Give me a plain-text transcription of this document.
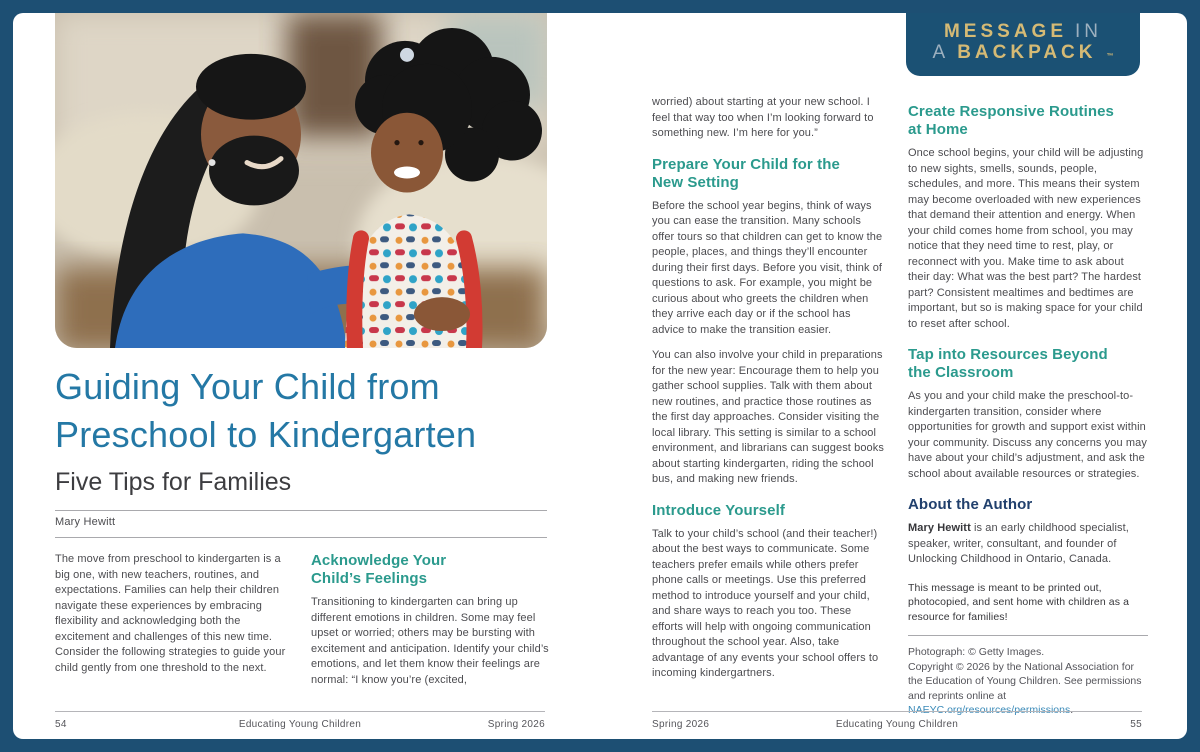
Guiding Your Child from
Preschool to Kindergarten
Five Tips for Families
Mary Hewitt

The move from preschool to kindergarten is a big one, with new teachers, routines, and expectations. Families can help their children navigate these experiences by embracing flexibility and acknowledging both the excitement and challenges of this new time. Consider the following strategies to guide your child gently from one threshold to the next.

Acknowledge Your
Child’s Feelings

Transitioning to kindergarten can bring up different emotions in children. Some may feel upset or worried; others may be bursting with excitement and anticipation. Identify your child’s emotions, and let them know their feelings are normal: “I know you’re (excited,

54	Educating Young Children	Spring 2026
MESSAGE IN
A BACKPACK $_™$

worried) about starting at your new school. I feel that way too when I’m looking forward to something new. I’m here for you.”

Prepare Your Child for the
New Setting

Before the school year begins, think of ways you can ease the transition. Many schools offer tours so that children can get to know the people, places, and things they’ll encounter during their first days. Before you visit, think of questions to ask. For example, you might be curious about who greets the children when they arrive each day or if the school has advice to make the transition easier.

You can also involve your child in preparations for the new year: Encourage them to help you gather school supplies. Talk with them about new routines, and practice those routines as the first day approaches. Consider visiting the local library. This setting is similar to a school environment, and librarians can suggest books about starting kindergarten, riding the school bus, and making new friends.

Introduce Yourself

Talk to your child’s school (and their teacher!) about the best ways to communicate. Some teachers prefer emails while others prefer phone calls or meetings. Use this preferred method to introduce yourself and your child, and share ways to reach you too. These efforts will help with ongoing communication throughout the school year. Also, take advantage of any events your school offers to incoming kindergartners.

Create Responsive Routines
at Home

Once school begins, your child will be adjusting to new sights, smells, sounds, people, schedules, and more. This means their system may become overloaded with new experiences that demand their attention and energy. When your child comes home from school, you may notice that they need time to rest, play, or reconnect with you. Make time to ask about their day: What was the best part? The hardest part? Consistent mealtimes and bedtimes are important, but so is making space for your child to reset after school.

Tap into Resources Beyond
the Classroom

As you and your child make the preschool-to-kindergarten transition, consider where opportunities for growth and support exist within your community. Discuss any concerns you may have about your child’s adjustment, and ask the school about available resources or strategies.

About the Author

Mary Hewitt is an early childhood specialist, speaker, writer, consultant, and founder of Unlocking Childhood in Ontario, Canada.

This message is meant to be printed out, photocopied, and sent home with children as a resource for families!

Photograph: © Getty Images.

Copyright © 2026 by the National Association for the Education of Young Children. See permissions and reprints online at NAEYC.org/resources/permissions.

Spring 2026	Educating Young Children	55
